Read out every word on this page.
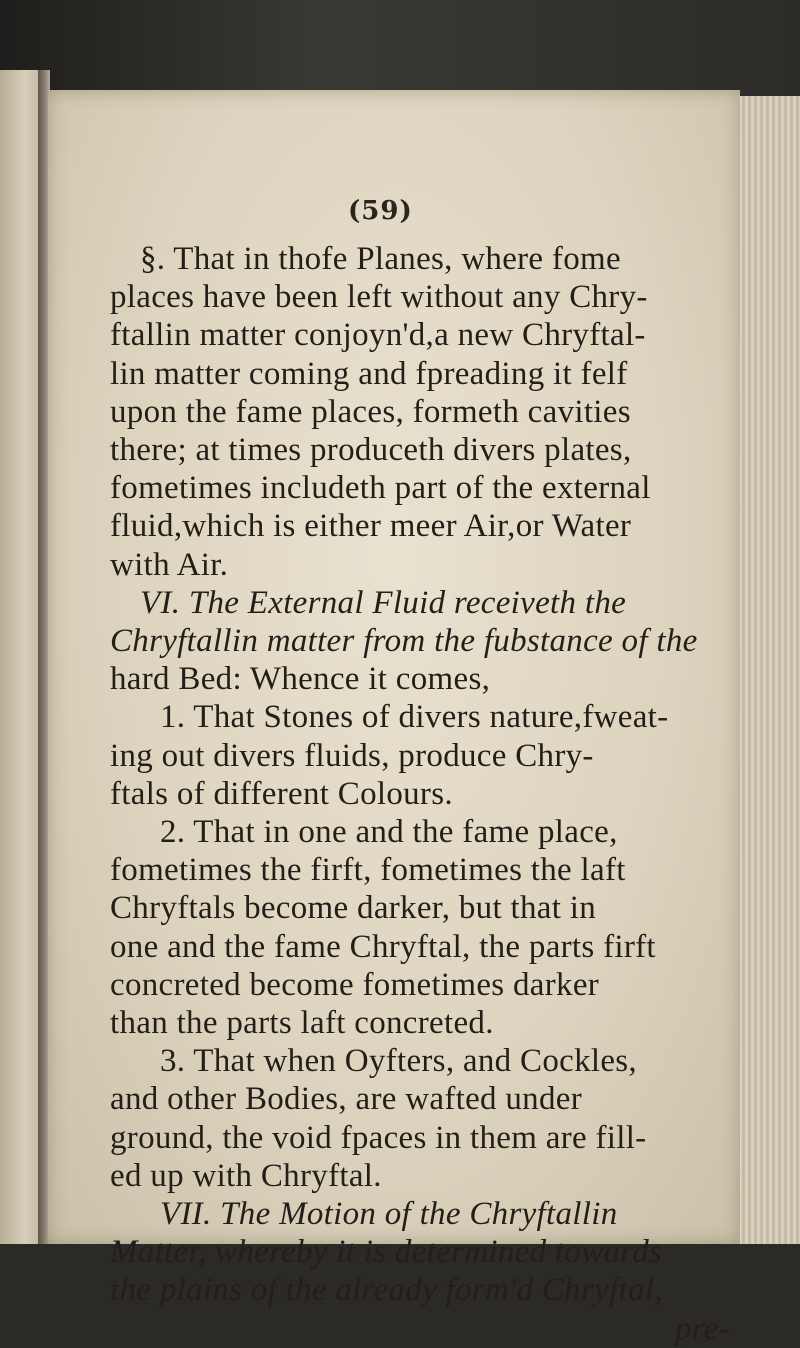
(59)
§. That in thofe Planes, where fome
places have been left without any Chry-
ftallin matter conjoyn'd,a new Chryftal-
lin matter coming and fpreading it felf
upon the fame places, formeth cavities
there; at times produceth divers plates,
fometimes includeth part of the external
fluid,which is either meer Air,or Water
with Air.
VI. The External Fluid receiveth the
Chryftallin matter from the fubstance of the
hard Bed: Whence it comes,
1. That Stones of divers nature,fweat-
ing out divers fluids, produce Chry-
ftals of different Colours.
2. That in one and the fame place,
fometimes the firft, fometimes the laft
Chryftals become darker, but that in
one and the fame Chryftal, the parts firft
concreted become fometimes darker
than the parts laft concreted.
3. That when Oyfters, and Cockles,
and other Bodies, are wafted under
ground, the void fpaces in them are fill-
ed up with Chryftal.
VII. The Motion of the Chryftallin
Matter, whereby it is determined towards
the plains of the already form'd Chryftal,
pre-
